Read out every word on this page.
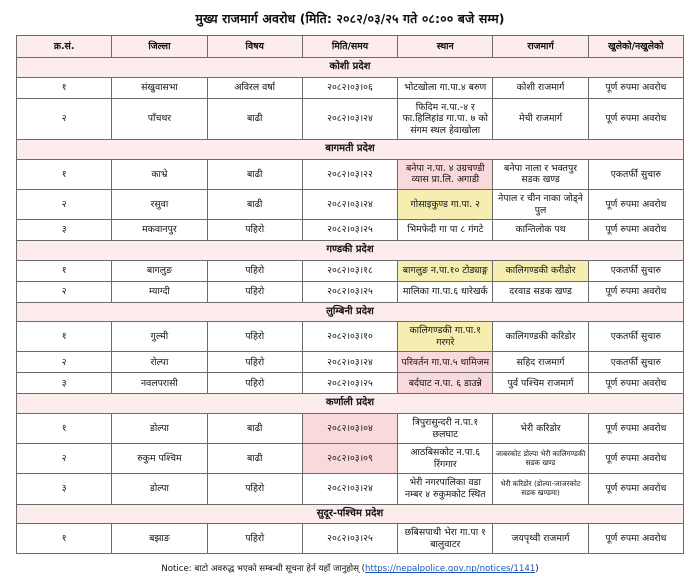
मुख्य राजमार्ग अवरोध (मिति: २०८२/०३/२५ गते ०८:०० बजे सम्म)
क्र.सं.	जिल्ला	विषय	मिति/समय	स्थान	राजमार्ग	खुलेको/नखुलेको
कोशी प्रदेश						
१	संखुवासभा	अविरल वर्षा	२०८२।०३।०६	भोटखोला गा.पा.४ बरुण	कोशी राजमार्ग	पूर्ण रुपमा अवरोध
२	पाँचथर	बाढी	२०८२।०३।२४	फिदिम न.पा.-४ र फा.हिलिहांड गा.पा. ७ को संगम स्थल हेवाखोला	मेची राजमार्ग	पूर्ण रुपमा अवरोध
बागमती प्रदेश						
१	काभ्रे	बाढी	२०८२।०३।२२	बनेपा न.पा. ४ उग्रचण्डी व्यास प्रा.लि. अगाडी	बनेपा नाला र भक्तपुर सडक खण्ड	एकतर्फी सुचारु
२	रसुवा	बाढी	२०८२।०३।२४	गोसाइकुण्ड गा.पा. २	नेपाल र चीन नाका जोड्ने पुल	पूर्ण रुपमा अवरोध
३	मकवानपुर	पहिरो	२०८२।०३।२५	भिमफेदी गा पा ८ गंगटे	कान्तिलोक पथ	पूर्ण रुपमा अवरोध
गण्डकी प्रदेश						
१	बागलुङ	पहिरो	२०८२।०३।१८	बागलुङ न.पा.१० टोड्याङ्ग	कालिगण्डकी करीडोर	एकतर्फी सुचारु
२	म्याग्दी	पहिरो	२०८२।०३।२५	मालिका गा.पा.६ धारेखर्क	दरवाड सडक खण्ड	पूर्ण रुपमा अवरोध
लुम्बिनी प्रदेश						
१	गुल्मी	पहिरो	२०८२।०३।१०	कालिगण्डकी गा.पा.१ गरगरे	कालिगण्डकी करिडोर	एकतर्फी सुचारु
२	रोल्पा	पहिरो	२०८२।०३।२४	परिवर्तन गा.पा.५ धामिजम	सहिद राजमार्ग	एकतर्फी सुचारु
३	नवलपरासी	पहिरो	२०८२।०३।२५	बर्दघाट न.पा. ६ डाउन्ने	पुर्व पश्चिम राजमार्ग	पूर्ण रुपमा अवरोध
कर्णाली प्रदेश						
१	डोल्पा	बाढी	२०८२।०३।०४	त्रिपुरासुन्दरी न.पा.१ छलघाट	भेरी करिडोर	पूर्ण रुपमा अवरोध
२	रुकुम पश्चिम	बाढी	२०८२।०३।०९	आठबिसकोट न.पा.६ रिंगगार	जाबरकोट डोल्पा भेरी कालिगण्डकी सडक खण्ड	पूर्ण रुपमा अवरोध
३	डोल्पा	पहिरो	२०८२।०३।२४	भेरी नगरपालिका वडा नम्बर ४ रुकुमकोट स्थित	भेरी करिडोर (डोल्पा-जाजरकोट सडक खण्डमा)	पूर्ण रुपमा अवरोध
सुदूर-पश्चिम प्रदेश						
१	बझाङ	पहिरो	२०८२।०३।२५	छबिसपाथी भेरा गा.पा १ बालुवाटर	जयपृथ्वी राजमार्ग	पूर्ण रुपमा अवरोध
Notice: बाटो अवरुद्ध भएको सम्बन्धी सूचना हेर्न यहाँ जानुहोस् (https://nepalpolice.gov.np/notices/1141)
